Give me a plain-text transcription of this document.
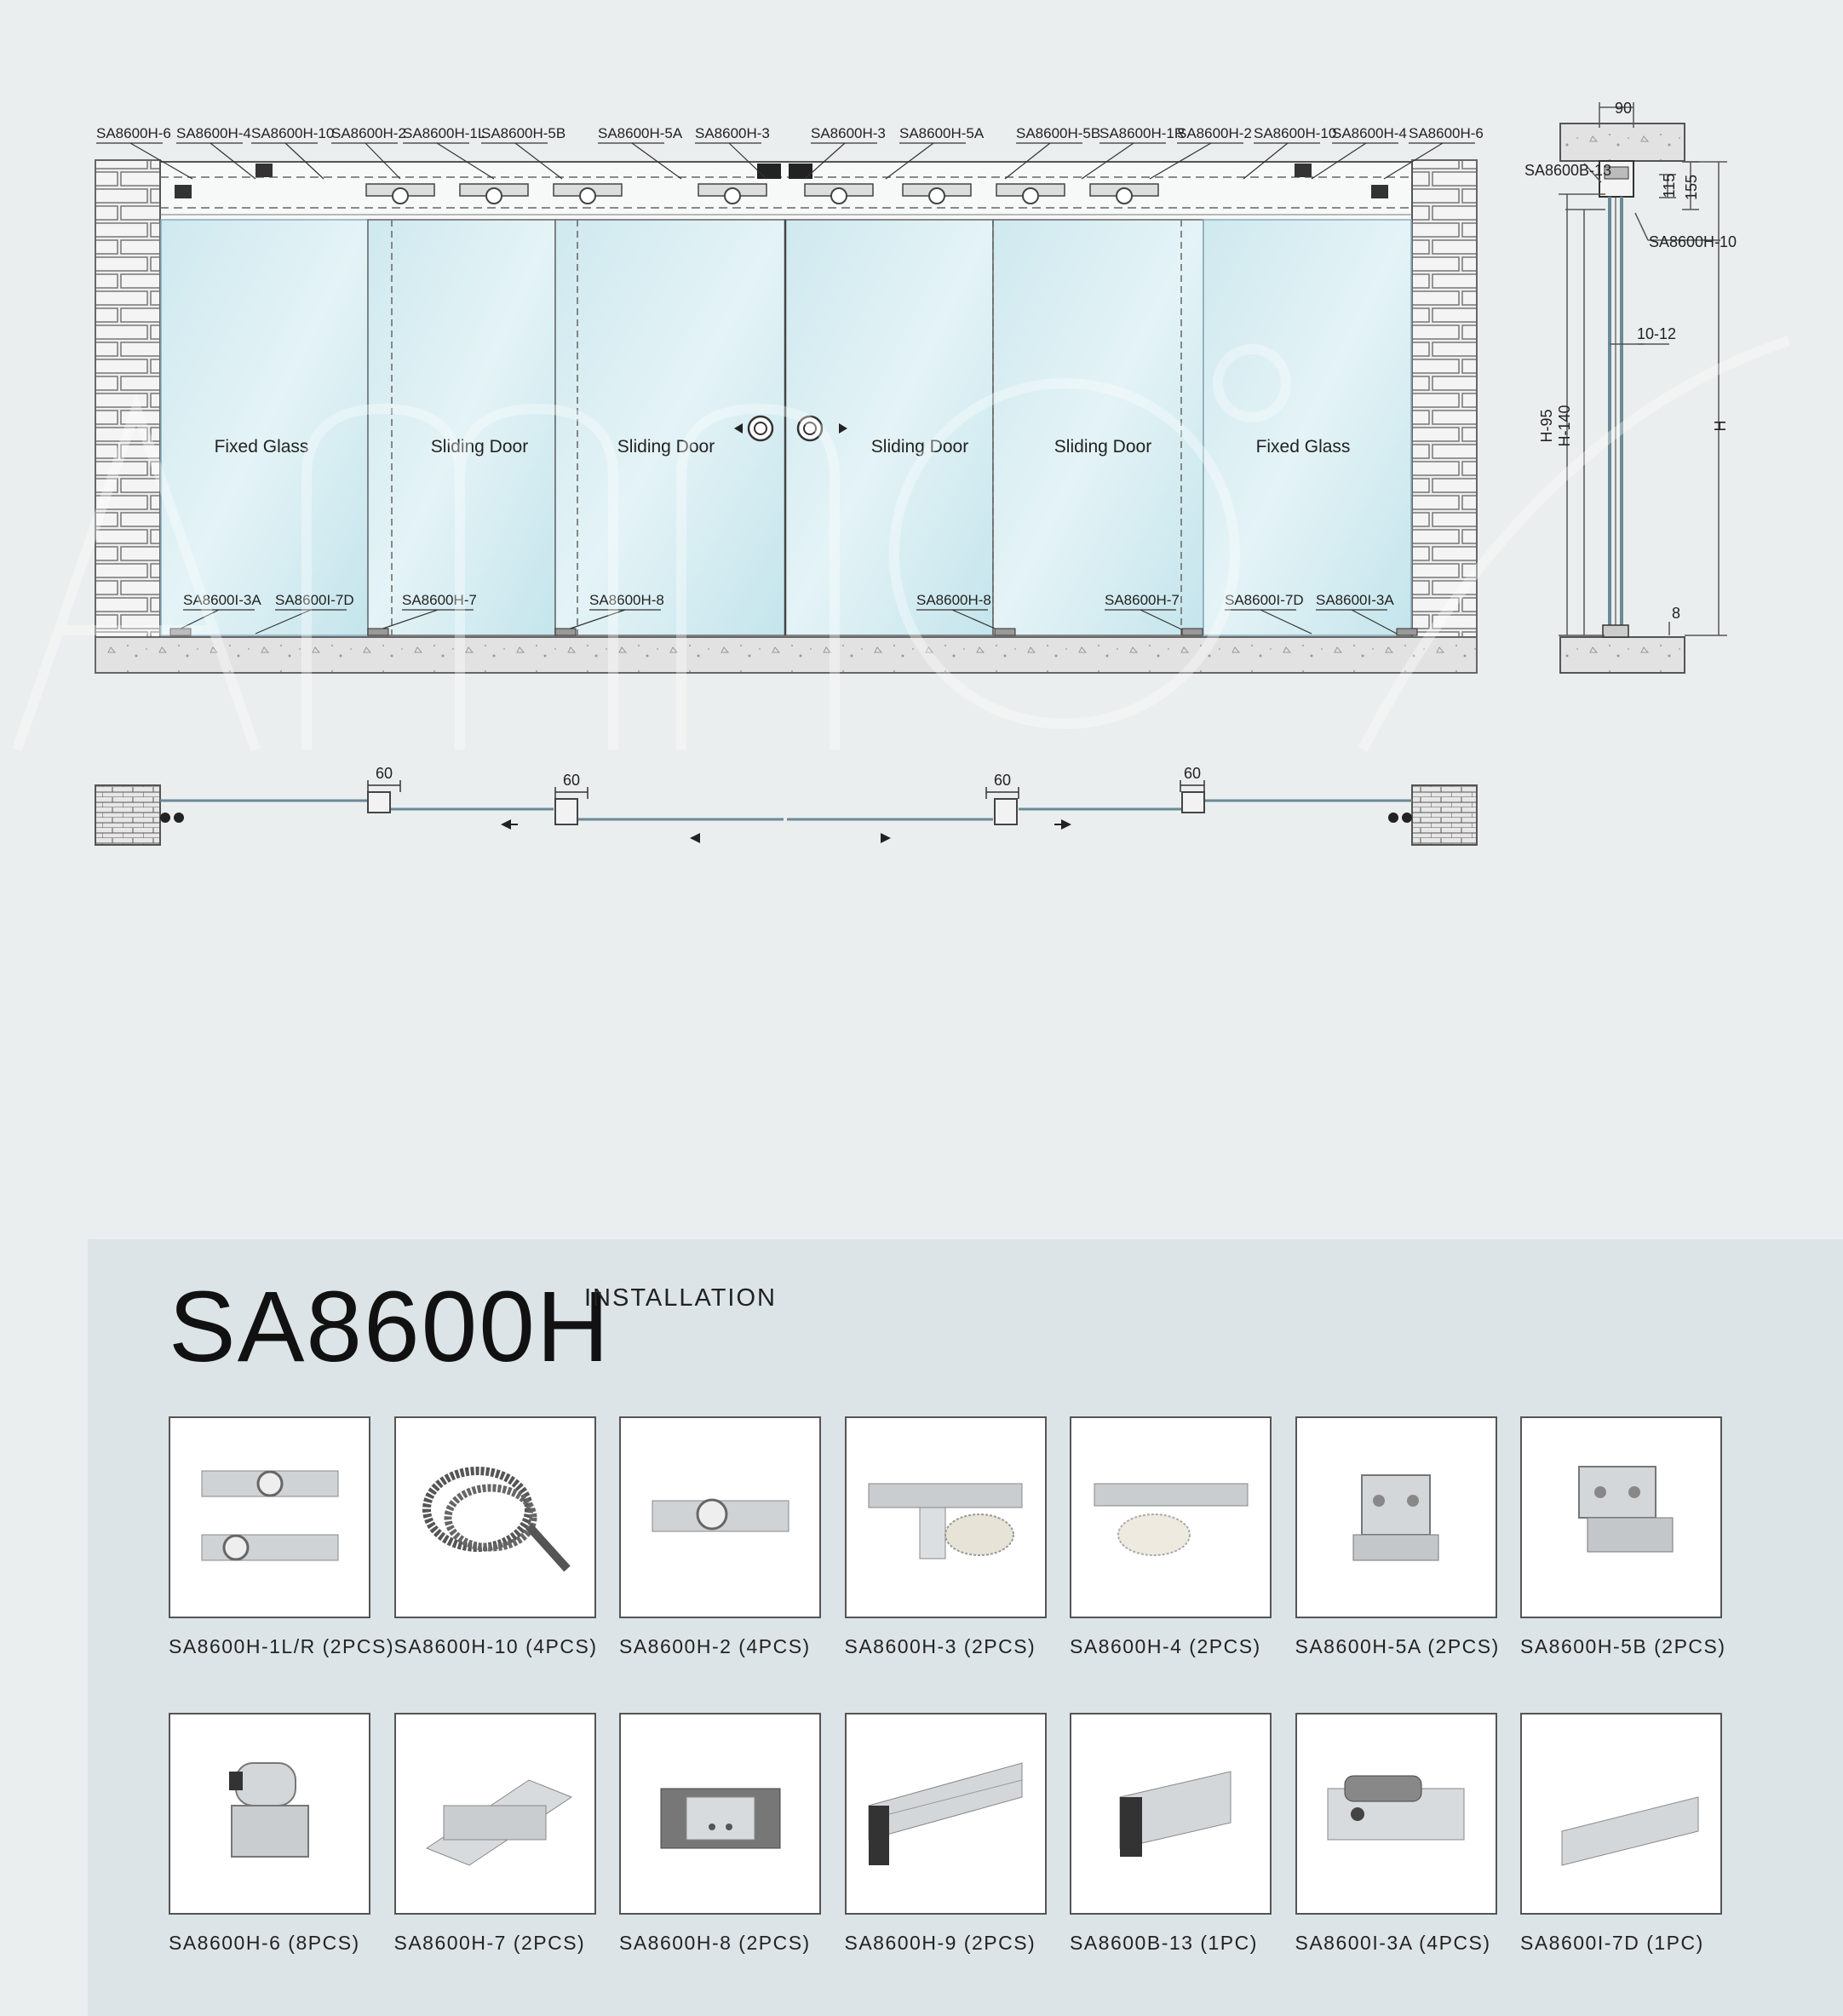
Fixed Glass	Sliding Door	Sliding Door	Sliding Door	Sliding Door	Fixed Glass
SA8600H-6 SA8600H-4 SA8600H-10
SA8600H-2
SA8600H-1L
SA8600H-5B SA8600H-5A SA8600H-3	SA8600H-3 SA8600H-5A SA8600H-5B
SA8600H-1R
SA8600H-2 SA8600H-10
SA8600H-4 SA8600H-6
SA8600I-3A SA8600I-7D	SA8600H-7	SA8600H-8	SA8600H-8	SA8600H-7	SA8600I-7D SA8600I-3A
60	60	60	60
90
SA8600B-13
SA8600H-10
115 155
10-12
H-95 H-140	H
8
SA8600H
INSTALLATION
SA8600H-1L/R (2PCS) SA8600H-10 (4PCS) SA8600H-2 (4PCS)	SA8600H-3 (2PCS)	SA8600H-4 (2PCS)	SA8600H-5A (2PCS) SA8600H-5B (2PCS)
SA8600H-6 (8PCS)	SA8600H-7 (2PCS)	SA8600H-8 (2PCS)	SA8600H-9 (2PCS)	SA8600B-13 (1PC)	SA8600I-3A (4PCS)	SA8600I-7D (1PC)
